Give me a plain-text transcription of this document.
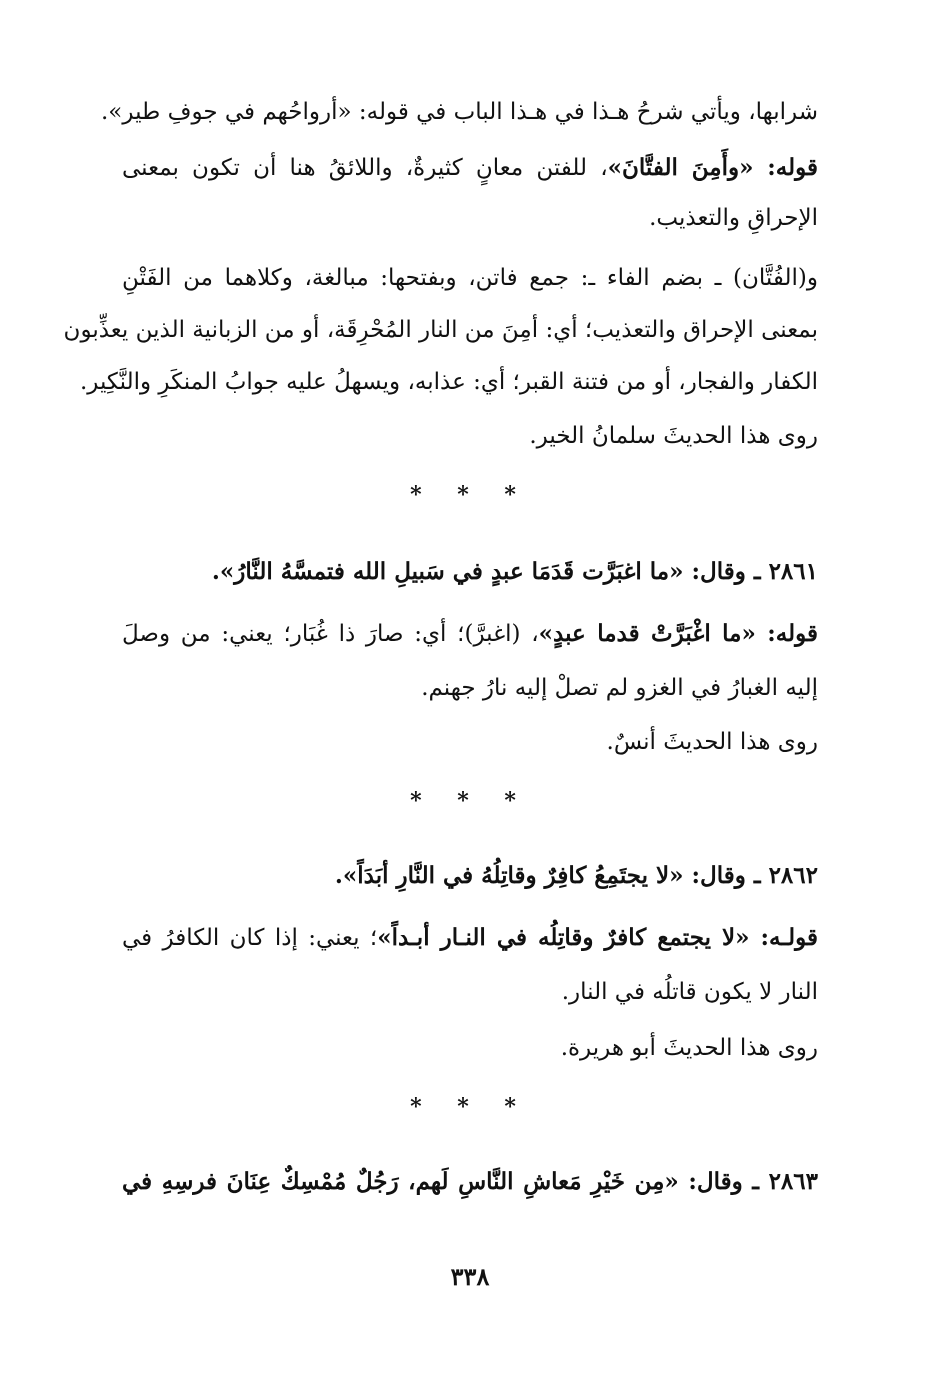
شرابها، ويأتي شرحُ هـذا في هـذا الباب في قوله: «أرواحُهم في جوفِ طير».
قوله: «وأَمِنَ الفتَّانَ»، للفتن معانٍ كثيرةٌ، واللائقُ هنا أن تكون بمعنى
الإحراقِ والتعذيب.
و(الفُتَّان) ـ بضم الفاء ـ: جمع فاتن، وبفتحها: مبالغة، وكلاهما من الفَتْنِ
بمعنى الإحراق والتعذيب؛ أي: أمِنَ من النار المُحْرِقَة، أو من الزبانية الذين يعذِّبون
الكفار والفجار، أو من فتنة القبر؛ أي: عذابه، ويسهلُ عليه جوابُ المنكَرِ والنَّكِير.
روى هذا الحديثَ سلمانُ الخير.
* * *
٢٨٦١ ـ وقال: «ما اغبَرَّت قَدَمَا عبدٍ في سَبيلِ الله فتمسَّهُ النَّارُ».
قوله: «ما اغْبَرَّتْ قدما عبدٍ»، (اغبرَّ)؛ أي: صارَ ذا غُبَار؛ يعني: من وصلَ
إليه الغبارُ في الغزو لم تصلْ إليه نارُ جهنم.
روى هذا الحديثَ أنسٌ.
* * *
٢٨٦٢ ـ وقال: «لا يجتَمِعُ كافِرٌ وقاتِلُهُ في النَّارِ أبَدَاً».
قولـه: «لا يجتمع كافرٌ وقاتِلُه في النـار أبـداً»؛ يعني: إذا كان الكافرُ في
النار لا يكون قاتلُه في النار.
روى هذا الحديثَ أبو هريرة.
* * *
٢٨٦٣ ـ وقال: «مِن خَيْرِ مَعاشِ النَّاسِ لَهم، رَجُلٌ مُمْسِكٌ عِنَانَ فرسِهِ في
٣٣٨
